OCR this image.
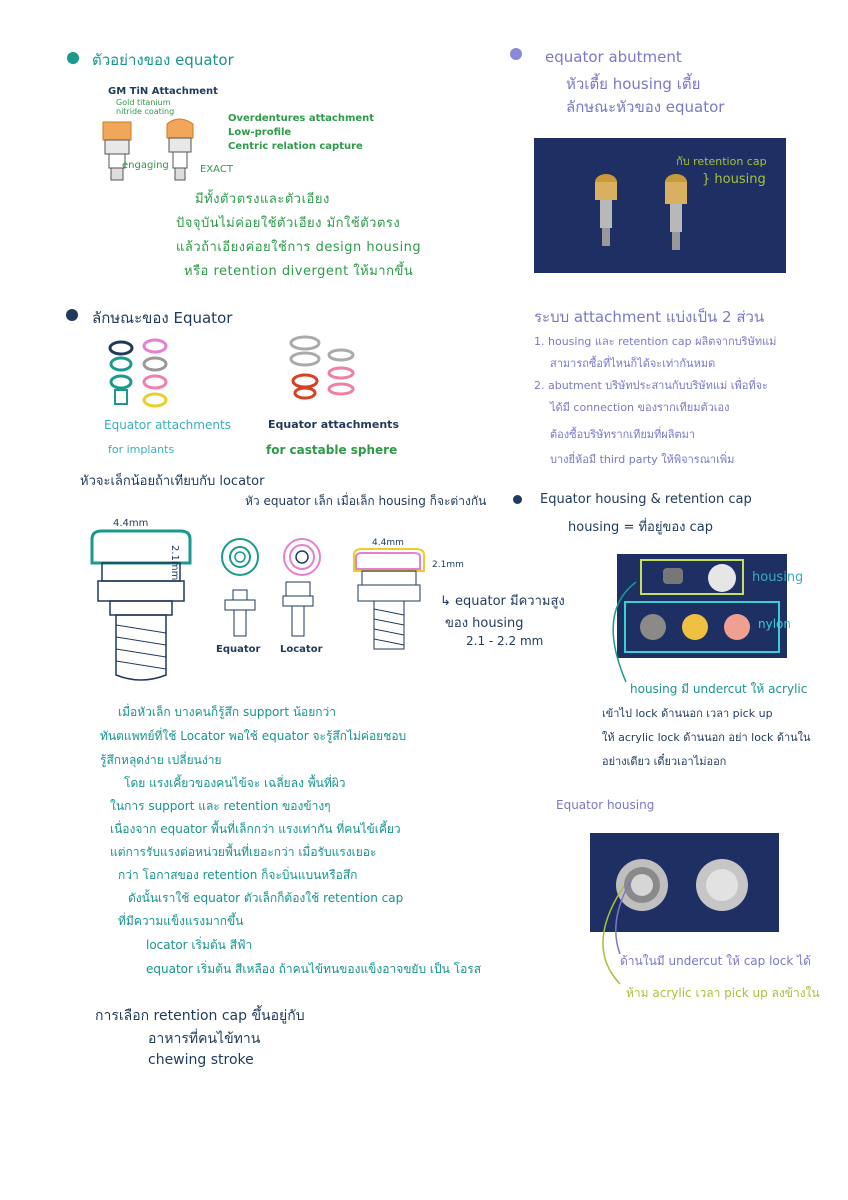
ตัวอย่างของ equator
GM TiN Attachment
Gold titanium
nitride coating
engaging	EXACT
Overdentures attachment
Low-profile
Centric relation capture
มีทั้งตัวตรงและตัวเอียง
ปัจจุบันไม่ค่อยใช้ตัวเอียง มักใช้ตัวตรง
แล้วถ้าเอียงค่อยใช้การ design housing
หรือ retention divergent ให้มากขึ้น
equator abutment
หัวเตี้ย housing เตี้ย
ลักษณะหัวของ equator
กับ retention cap
} housing
ระบบ attachment แบ่งเป็น 2 ส่วน
1. housing และ retention cap ผลิตจากบริษัทแม่
สามารถซื้อที่ไหนก็ได้จะเท่ากันหมด
2. abutment บริษัทประสานกับบริษัทแม่ เพื่อที่จะ
ได้มี connection ของรากเทียมตัวเอง
ต้องซื้อบริษัทรากเทียมที่ผลิตมา
บางยี่ห้อมี third party ให้พิจารณาเพิ่ม
ลักษณะของ Equator
Equator attachments
for implants
Equator attachments
for castable sphere
หัวจะเล็กน้อยถ้าเทียบกับ locator
หัว equator เล็ก เมื่อเล็ก housing ก็จะต่างกัน
4.4mm
2.1mm
Equator Locator
4.4mm
2.1mm
↳ equator มีความสูง
ของ housing
2.1 - 2.2 mm
Equator housing & retention cap
housing = ที่อยู่ของ cap
housing
nylon
housing มี undercut ให้ acrylic
เข้าไป lock ด้านนอก เวลา pick up
ให้ acrylic lock ด้านนอก อย่า lock ด้านใน
อย่างเดียว เดี๋ยวเอาไม่ออก
เมื่อหัวเล็ก บางคนก็รู้สึก support น้อยกว่า
ทันตแพทย์ที่ใช้ Locator พอใช้ equator จะรู้สึกไม่ค่อยชอบ
รู้สึกหลุดง่าย เปลี่ยนง่าย
โดย แรงเคี้ยวของคนไข้จะ เฉลี่ยลง พื้นที่ผิว
ในการ support และ retention ของข้างๆ
เนื่องจาก equator พื้นที่เล็กกว่า แรงเท่ากัน ที่คนไข้เคี้ยว
แต่การรับแรงต่อหน่วยพื้นที่เยอะกว่า เมื่อรับแรงเยอะ
กว่า โอกาสของ retention ก็จะบิ่นแบนหรือสึก
ดังนั้นเราใช้ equator ตัวเล็กก็ต้องใช้ retention cap
ที่มีความแข็งแรงมากขึ้น
locator เริ่มต้น สีฟ้า
equator เริ่มต้น สีเหลือง ถ้าคนไข้ทนของแข็งอาจขยับ เป็น โอรส
Equator housing
ด้านในมี undercut ให้ cap lock ได้
ห้าม acrylic เวลา pick up ลงข้างใน
การเลือก retention cap ขึ้นอยู่กับ
อาหารที่คนไข้ทาน
chewing stroke
